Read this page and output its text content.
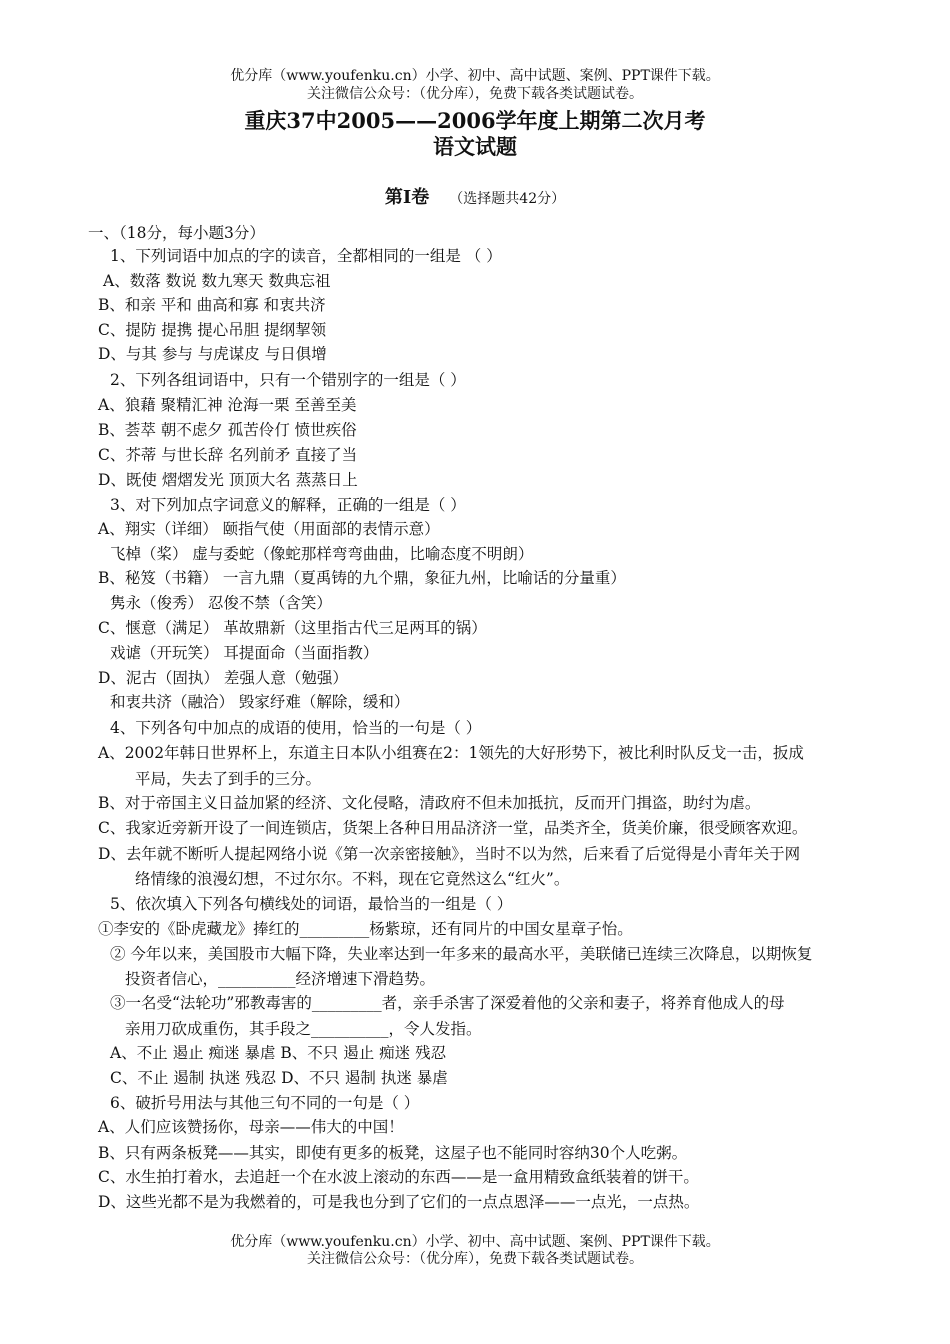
优分库（www.youfenku.cn）小学、初中、高中试题、案例、PPT课件下载。
关注微信公众号：（优分库），免费下载各类试题试卷。
重庆37中2005——2006学年度上期第二次月考
语文试题
第Ⅰ卷 （选择题共42分）
一、（18分，每小题3分）
1、下列词语中加点的字的读音，全都相同的一组是 （ ）
A、数落 数说 数九寒天 数典忘祖
B、和亲 平和 曲高和寡 和衷共济
C、提防 提携 提心吊胆 提纲挈领
D、与其 参与 与虎谋皮 与日俱增
2、下列各组词语中，只有一个错别字的一组是（ ）
A、狼藉 聚精汇神 沧海一栗 至善至美
B、荟萃 朝不虑夕 孤苦伶仃 愤世疾俗
C、芥蒂 与世长辞 名列前矛 直接了当
D、既使 熠熠发光 顶顶大名 蒸蒸日上
3、对下列加点字词意义的解释，正确的一组是（ ）
A、翔实（详细） 颐指气使（用面部的表情示意）
飞棹（桨） 虚与委蛇（像蛇那样弯弯曲曲，比喻态度不明朗）
B、秘笈（书籍） 一言九鼎（夏禹铸的九个鼎，象征九州，比喻话的分量重）
隽永（俊秀） 忍俊不禁（含笑）
C、惬意（满足） 革故鼎新（这里指古代三足两耳的锅）
戏谑（开玩笑） 耳提面命（当面指教）
D、泥古（固执） 差强人意（勉强）
和衷共济（融洽） 毁家纾难（解除，缓和）
4、下列各句中加点的成语的使用，恰当的一句是（ ）
A、2002年韩日世界杯上，东道主日本队小组赛在2：1领先的大好形势下，被比利时队反戈一击，扳成
平局，失去了到手的三分。
B、对于帝国主义日益加紧的经济、文化侵略，清政府不但未加抵抗，反而开门揖盗，助纣为虐。
C、我家近旁新开设了一间连锁店，货架上各种日用品济济一堂，品类齐全，货美价廉，很受顾客欢迎。
D、去年就不断听人提起网络小说《第一次亲密接触》，当时不以为然，后来看了后觉得是小青年关于网
络情缘的浪漫幻想，不过尔尔。不料，现在它竟然这么“红火”。
5、依次填入下列各句横线处的词语，最恰当的一组是（ ）
①李安的《卧虎藏龙》捧红的_________杨紫琼，还有同片的中国女星章子怡。
② 今年以来，美国股市大幅下降，失业率达到一年多来的最高水平，美联储已连续三次降息，以期恢复
投资者信心，__________经济增速下滑趋势。
③一名受“法轮功”邪教毒害的_________者，亲手杀害了深爱着他的父亲和妻子，将养育他成人的母
亲用刀砍成重伤，其手段之__________，令人发指。
A、不止 遏止 痴迷 暴虐 B、不只 遏止 痴迷 残忍
C、不止 遏制 执迷 残忍 D、不只 遏制 执迷 暴虐
6、破折号用法与其他三句不同的一句是（ ）
A、人们应该赞扬你，母亲——伟大的中国！
B、只有两条板凳——其实，即使有更多的板凳，这屋子也不能同时容纳30个人吃粥。
C、水生拍打着水，去追赶一个在水波上滚动的东西——是一盒用精致盒纸装着的饼干。
D、这些光都不是为我燃着的，可是我也分到了它们的一点点恩泽——一点光，一点热。
优分库（www.youfenku.cn）小学、初中、高中试题、案例、PPT课件下载。
关注微信公众号：（优分库），免费下载各类试题试卷。
